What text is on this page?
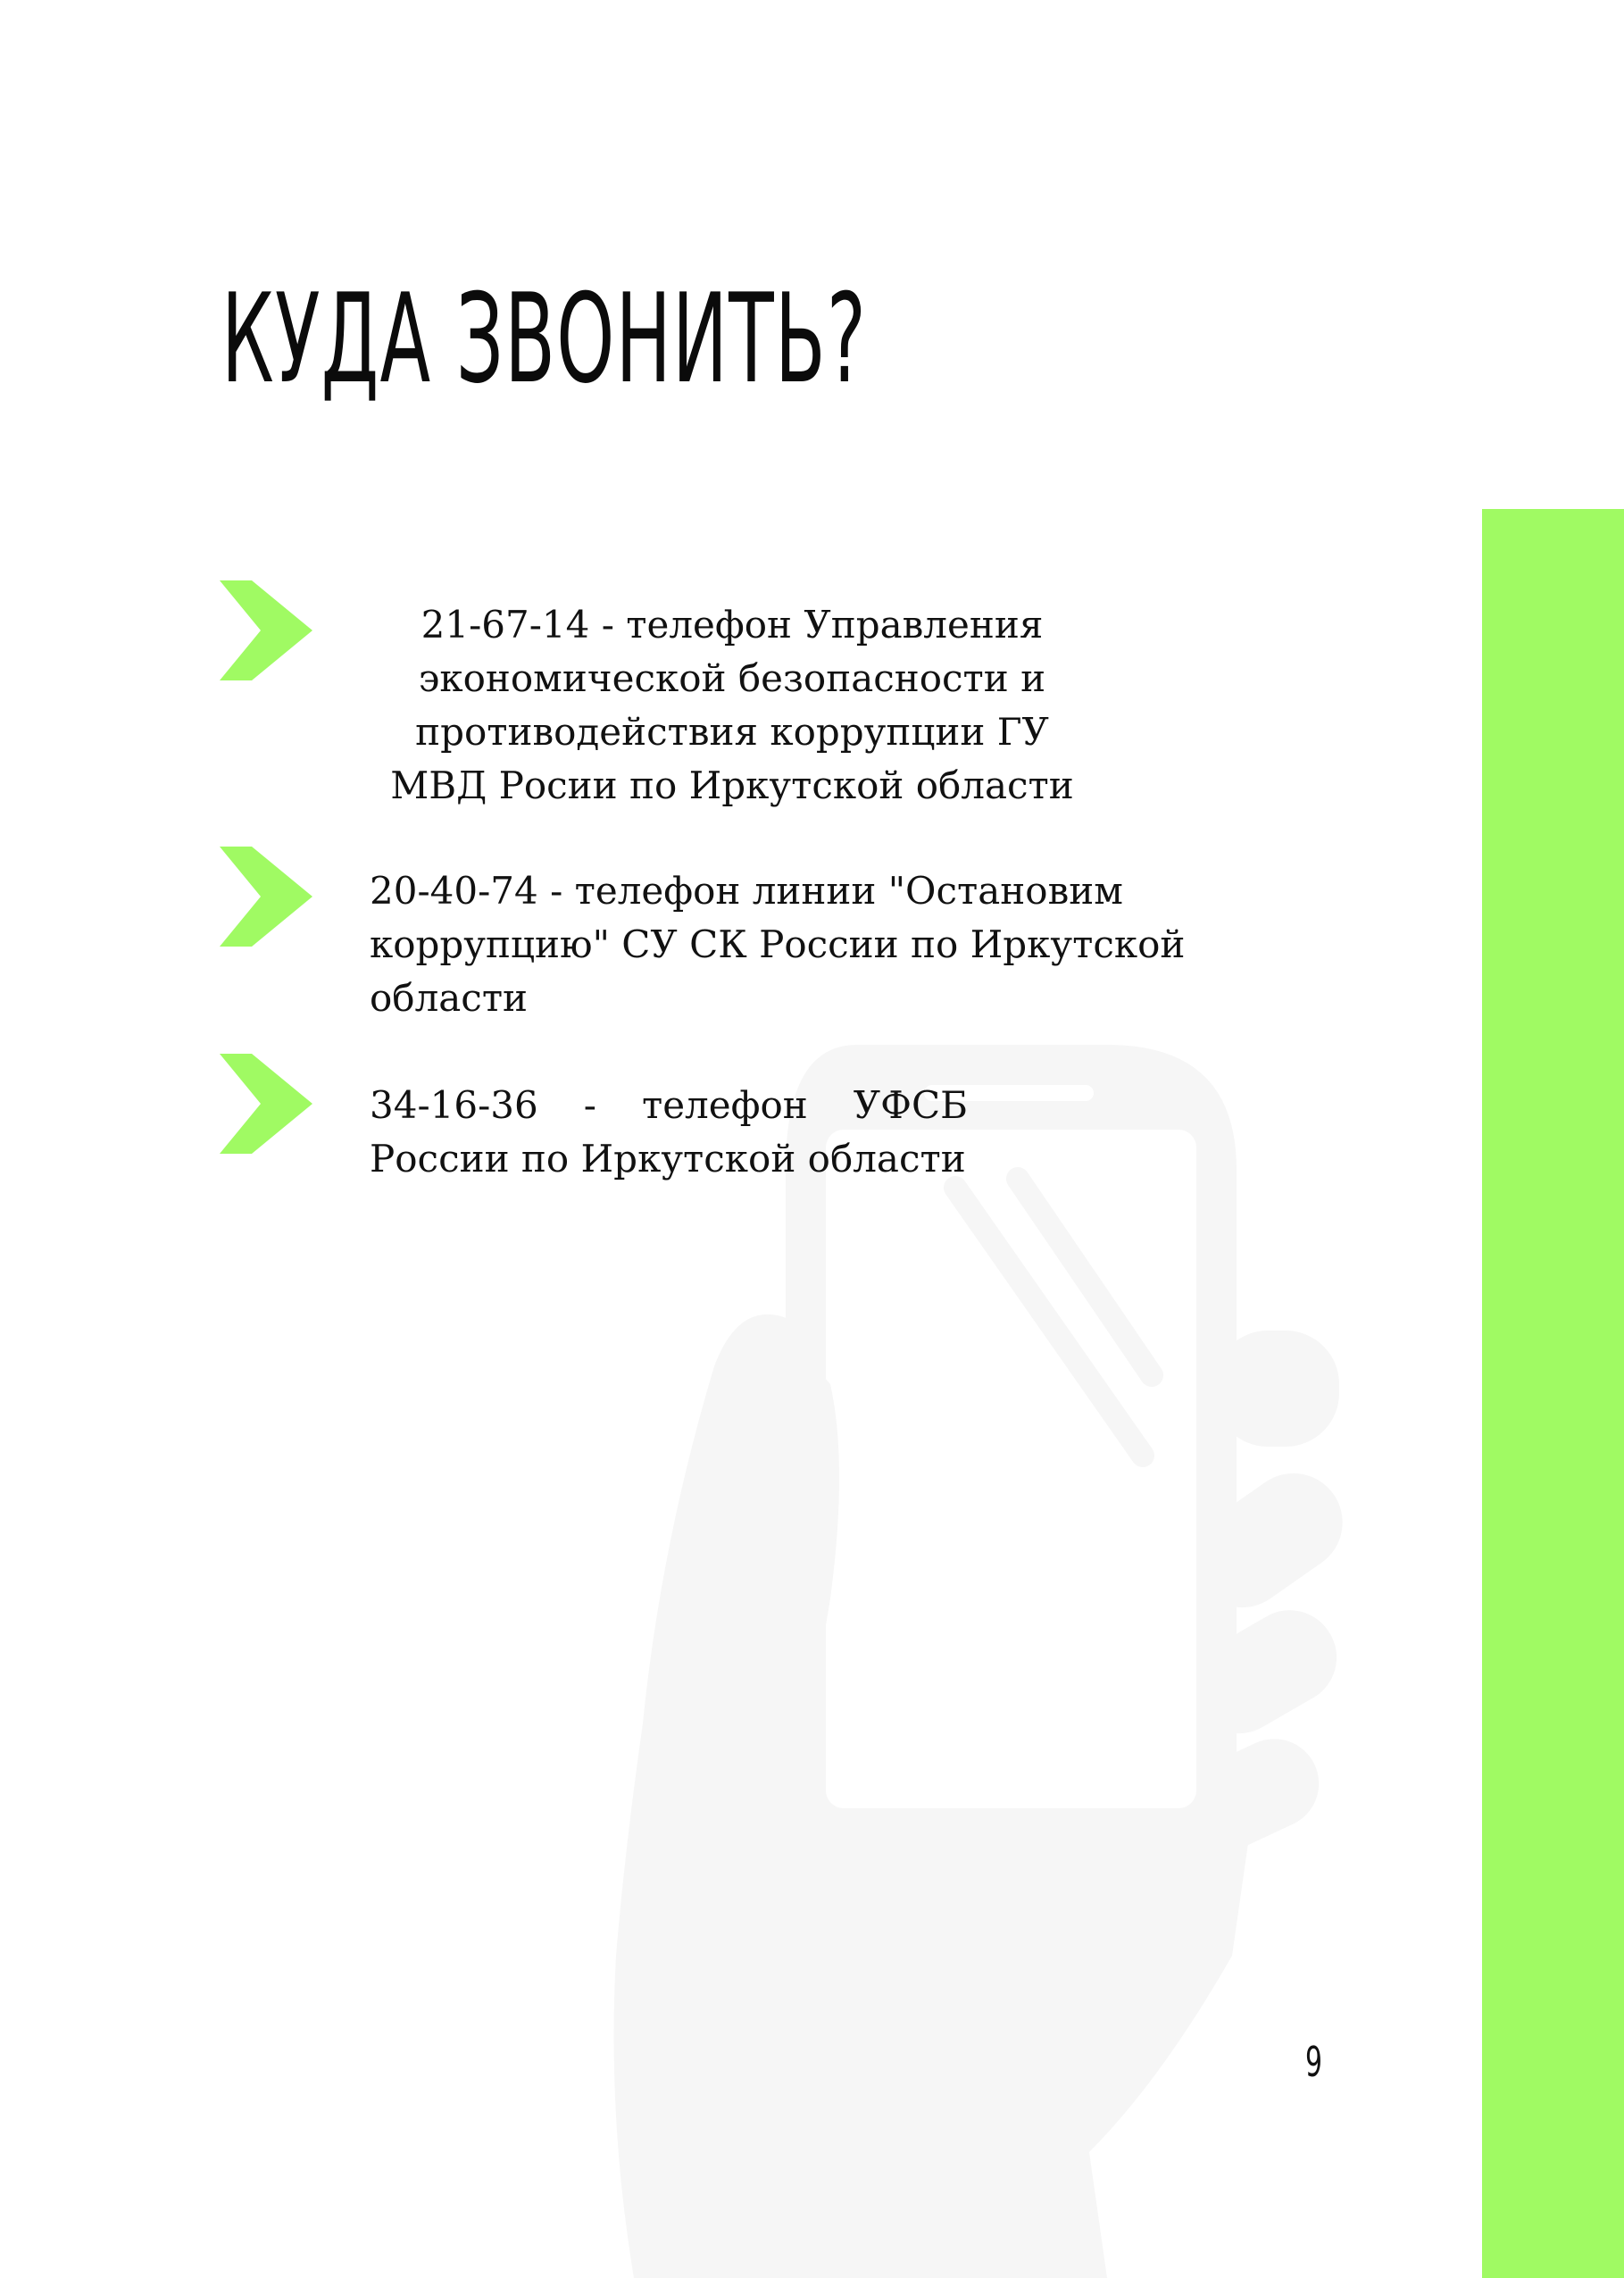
КУДА ЗВОНИТЬ?
21-67-14 - телефон Управления
экономической безопасности и
противодействия коррупции ГУ
МВД Росии по Иркутской области
20-40-74 - телефон линии "Остановим
коррупцию" СУ СК России по Иркутской
области
34-16-36 - телефон УФСБ
России по Иркутской области
9
